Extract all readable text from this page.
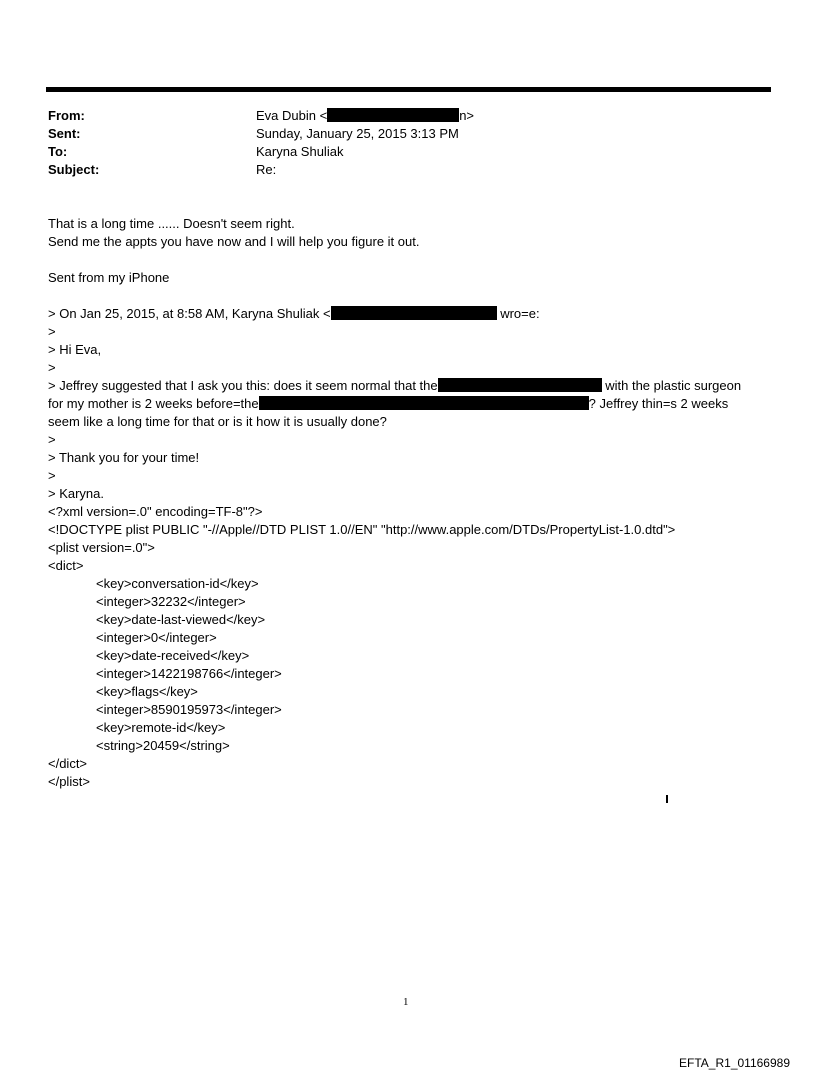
From:	Eva Dubin <	n>
Sent:	Sunday, January 25, 2015 3:13 PM
To:	Karyna Shuliak
Subject:	Re:
That is a long time ...... Doesn't seem right.
Send me the appts you have now and I will help you figure it out.
Sent from my iPhone
> On Jan 25, 2015, at 8:58 AM, Karyna Shuliak <	wro=e:
>
> Hi Eva,
>
> Jeffrey suggested that I ask you this: does it seem normal that the	with the plastic surgeon
for my mother is 2 weeks before=the	? Jeffrey thin=s 2 weeks
seem like a long time for that or is it how it is usually done?
>
> Thank you for your time!
>
> Karyna.
<?xml version=.0" encoding=TF-8"?>
<!DOCTYPE plist PUBLIC "-//Apple//DTD PLIST 1.0//EN" "http://www.apple.com/DTDs/PropertyList-1.0.dtd">
<plist version=.0">
<dict>
<key>conversation-id</key>
<integer>32232</integer>
<key>date-last-viewed</key>
<integer>0</integer>
<key>date-received</key>
<integer>1422198766</integer>
<key>flags</key>
<integer>8590195973</integer>
<key>remote-id</key>
<string>20459</string>
</dict>
</plist>
1
EFTA_R1_01166989
